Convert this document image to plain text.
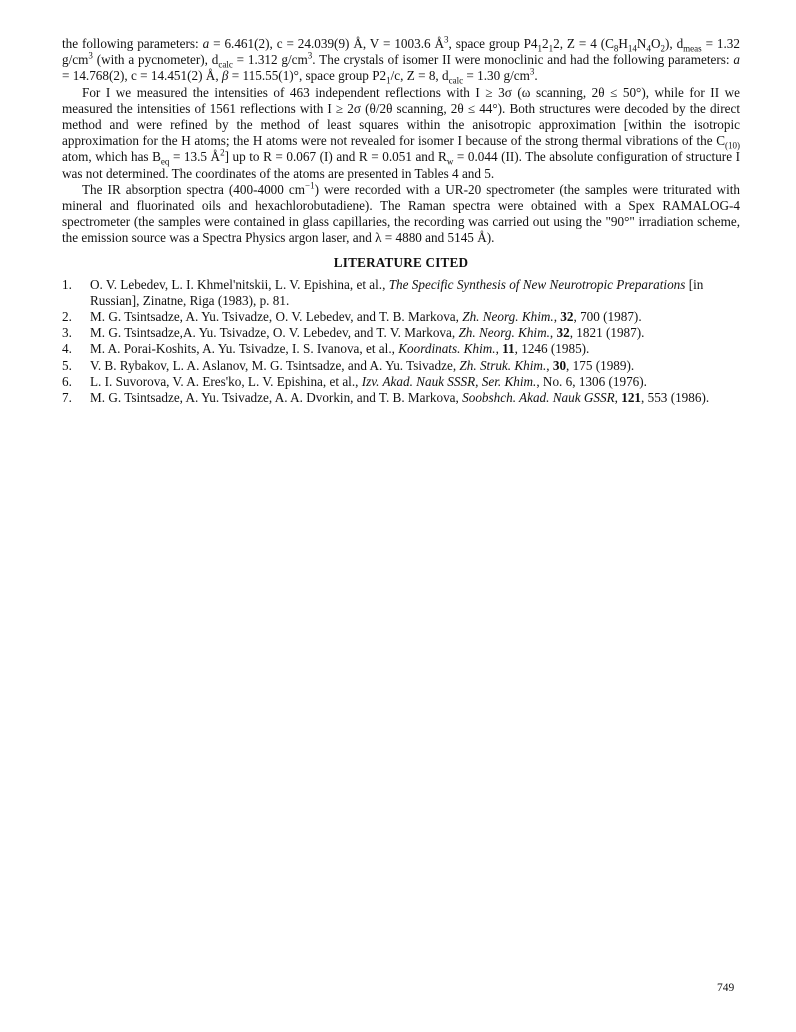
the following parameters: a = 6.461(2), c = 24.039(9) Å, V = 1003.6 $Å^3$, space group $P4_12_12$, Z = 4 $(C_8H_{14}N_4O_2)$, $d_{meas} = 1.32$ $g/cm^3$ (with a pycnometer), $d_{calc} = 1.312$ $g/cm^3$. The crystals of isomer II were monoclinic and had the following parameters: a = 14.768(2), c = 14.451(2) Å, β = 115.55(1)°, space group $P2_1/c$, Z = 8, $d_{calc} = 1.30$ $g/cm^3$.

For I we measured the intensities of 463 independent reflections with I ≥ 3σ (ω scanning, 2θ ≤ 50°), while for II we measured the intensities of 1561 reflections with I ≥ 2σ (θ/2θ scanning, 2θ ≤ 44°). Both structures were decoded by the direct method and were refined by the method of least squares within the anisotropic approximation [within the isotropic approximation for the H atoms; the H atoms were not revealed for isomer I because of the strong thermal vibrations of the $C_{(10)}$ atom, which has $B_{eq} = 13.5$ $Å^2$] up to R = 0.067 (I) and R = 0.051 and $R_w = 0.044$ (II). The absolute configuration of structure I was not determined. The coordinates of the atoms are presented in Tables 4 and 5.

The IR absorption spectra (400-4000 $cm^{-1}$) were recorded with a UR-20 spectrometer (the samples were triturated with mineral and fluorinated oils and hexachlorobutadiene). The Raman spectra were obtained with a Spex RAMALOG-4 spectrometer (the samples were contained in glass capillaries, the recording was carried out using the "90°" irradiation scheme, the emission source was a Spectra Physics argon laser, and λ = 4880 and 5145 Å).

LITERATURE CITED
1.	O. V. Lebedev, L. I. Khmel'nitskii, L. V. Epishina, et al., The Specific Synthesis of New Neurotropic Preparations [in Russian], Zinatne, Riga (1983), p. 81.
2.	M. G. Tsintsadze, A. Yu. Tsivadze, O. V. Lebedev, and T. B. Markova, Zh. Neorg. Khim., 32, 700 (1987).
3.	M. G. Tsintsadze,A. Yu. Tsivadze, O. V. Lebedev, and T. V. Markova, Zh. Neorg. Khim., 32, 1821 (1987).
4.	M. A. Porai-Koshits, A. Yu. Tsivadze, I. S. Ivanova, et al., Koordinats. Khim., 11, 1246 (1985).
5.	V. B. Rybakov, L. A. Aslanov, M. G. Tsintsadze, and A. Yu. Tsivadze, Zh. Struk. Khim., 30, 175 (1989).
6.	L. I. Suvorova, V. A. Eres'ko, L. V. Epishina, et al., Izv. Akad. Nauk SSSR, Ser. Khim., No. 6, 1306 (1976).
7.	M. G. Tsintsadze, A. Yu. Tsivadze, A. A. Dvorkin, and T. B. Markova, Soobshch. Akad. Nauk GSSR, 121, 553 (1986).
749
